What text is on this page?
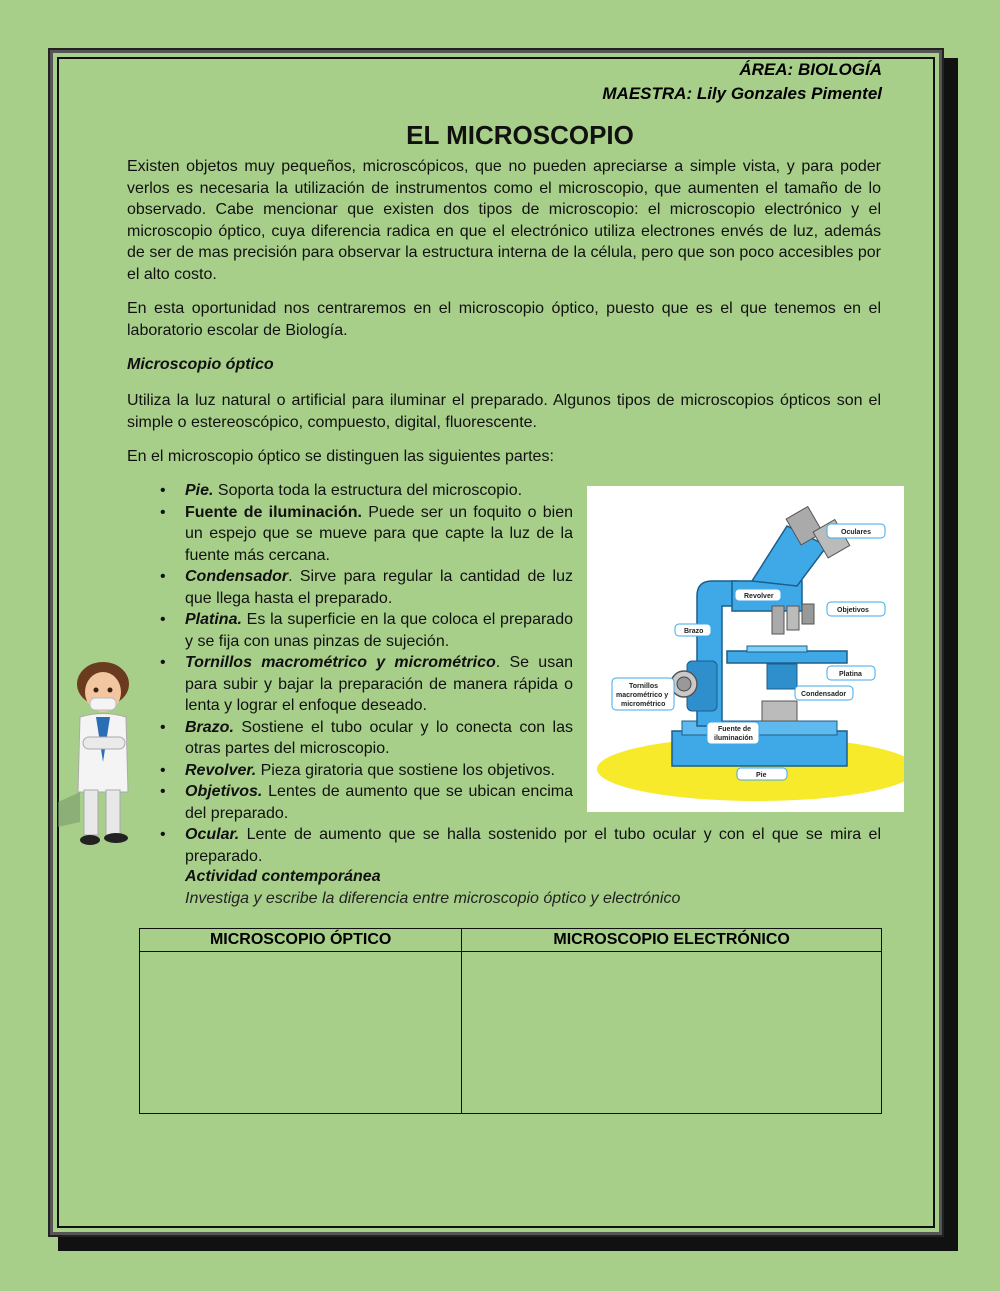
ÁREA: BIOLOGÍA
MAESTRA: Lily Gonzales Pimentel
EL MICROSCOPIO

Existen objetos muy pequeños, microscópicos, que no pueden apreciarse a simple vista, y para poder verlos es necesaria la utilización de instrumentos como el microscopio, que aumenten el tamaño de lo observado. Cabe mencionar que existen dos tipos de microscopio: el microscopio electrónico y el microscopio óptico, cuya diferencia radica en que el electrónico utiliza electrones envés de luz, además de ser de mas precisión para observar la estructura interna de la célula, pero que son poco accesibles por el alto costo.

En esta oportunidad nos centraremos en el microscopio óptico, puesto que es el que tenemos en el laboratorio escolar de Biología.

Microscopio óptico

Utiliza la luz natural o artificial para iluminar el preparado. Algunos tipos de microscopios ópticos son el simple o estereoscópico, compuesto, digital, fluorescente.

En el microscopio óptico se distinguen las siguientes partes:

• Pie. Soporta toda la estructura del microscopio.
• Fuente de iluminación. Puede ser un foquito o bien un espejo que se mueve para que capte la luz de la fuente más cercana.
• Condensador. Sirve para regular la cantidad de luz que llega hasta el preparado.
• Platina. Es la superficie en la que coloca el preparado y se fija con unas pinzas de sujeción.
• Tornillos macrométrico y micrométrico. Se usan para subir y bajar la preparación de manera rápida o lenta y lograr el enfoque deseado.
• Brazo. Sostiene el tubo ocular y lo conecta con las otras partes del microscopio.
• Revolver. Pieza giratoria que sostiene los objetivos.
• Objetivos. Lentes de aumento que se ubican encima del preparado.

•	Ocular. Lente de aumento que se halla sostenido por el tubo ocular y con el que se mira el preparado.

Actividad contemporánea
Investiga y escribe la diferencia entre microscopio óptico y electrónico
MICROSCOPIO ÓPTICO	MICROSCOPIO ELECTRÓNICO

Oculares
Revolver
Objetivos
Brazo
Platina
Tornillos
macrométrico y
micrométrico
Condensador
Fuente de
iluminación
Pie
